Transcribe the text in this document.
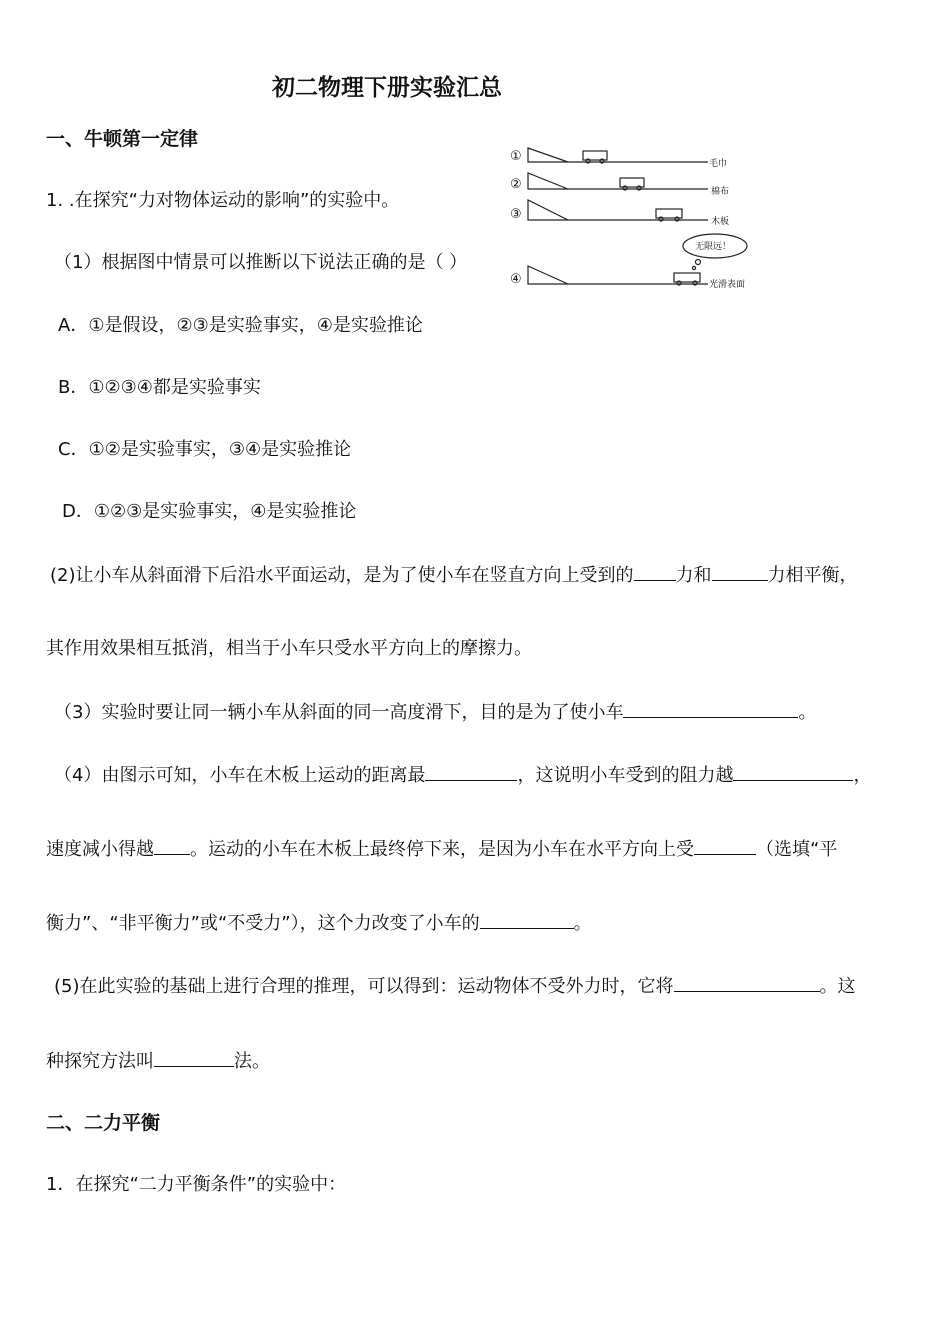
初二物理下册实验汇总
一、牛顿第一定律
①
②
③
④
毛巾
棉布
木板
光滑表面
无限远！
1. .在探究“力对物体运动的影响”的实验中。
（1）根据图中情景可以推断以下说法正确的是（ ）
A．①是假设，②③是实验事实，④是实验推论
B．①②③④都是实验事实
C．①②是实验事实，③④是实验推论
D．①②③是实验事实，④是实验推论
(2)让小车从斜面滑下后沿水平面运动，是为了使小车在竖直方向上受到的 力和	力相平衡，
其作用效果相互抵消，相当于小车只受水平方向上的摩擦力。
（3）实验时要让同一辆小车从斜面的同一高度滑下，目的是为了使小车	。
（4）由图示可知，小车在木板上运动的距离最	，这说明小车受到的阻力越	，
速度减小得越 。运动的小车在木板上最终停下来，是因为小车在水平方向上受	（选填“平
衡力”、“非平衡力”或“不受力”），这个力改变了小车的	。
(5)在此实验的基础上进行合理的推理，可以得到：运动物体不受外力时，它将	。这
种探究方法叫	法。
二、二力平衡
1．在探究“二力平衡条件”的实验中：
